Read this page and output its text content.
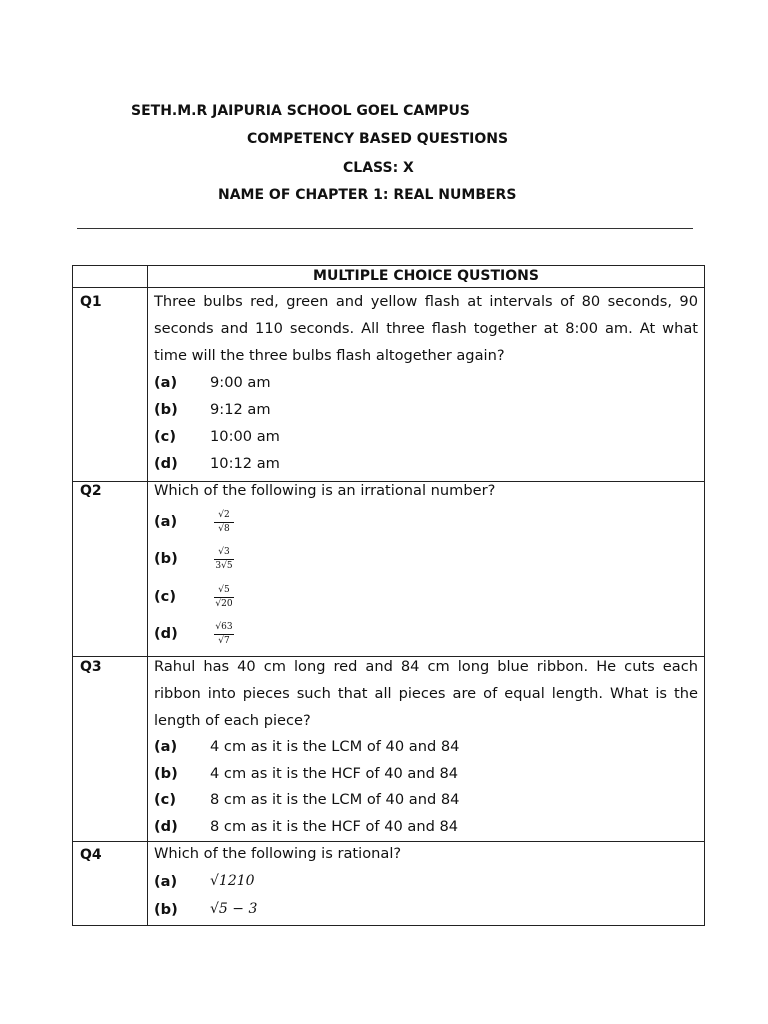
SETH.M.R JAIPURIA SCHOOL GOEL CAMPUS
COMPETENCY BASED QUESTIONS
CLASS: X
NAME OF CHAPTER 1: REAL NUMBERS
MULTIPLE CHOICE QUSTIONS
Q1	Three bulbs red, green and yellow flash at intervals of 80 seconds, 90 seconds and 110 seconds. All three flash together at 8:00 am. At what time will the three bulbs flash altogether again?
(a) 9:00 am
(b) 9:12 am
(c) 10:00 am
(d) 10:12 am
Q2	Which of the following is an irrational number?
(a)	√2
√8
(b)	√3
3√5
(c)	√5
√20
(d)	√63
√7
Q3	Rahul has 40 cm long red and 84 cm long blue ribbon. He cuts each ribbon into pieces such that all pieces are of equal length. What is the length of each piece?
(a) 4 cm as it is the LCM of 40 and 84
(b) 4 cm as it is the HCF of 40 and 84
(c) 8 cm as it is the LCM of 40 and 84
(d) 8 cm as it is the HCF of 40 and 84
Q4	Which of the following is rational?
(a) √1210
(b) √5 − 3
